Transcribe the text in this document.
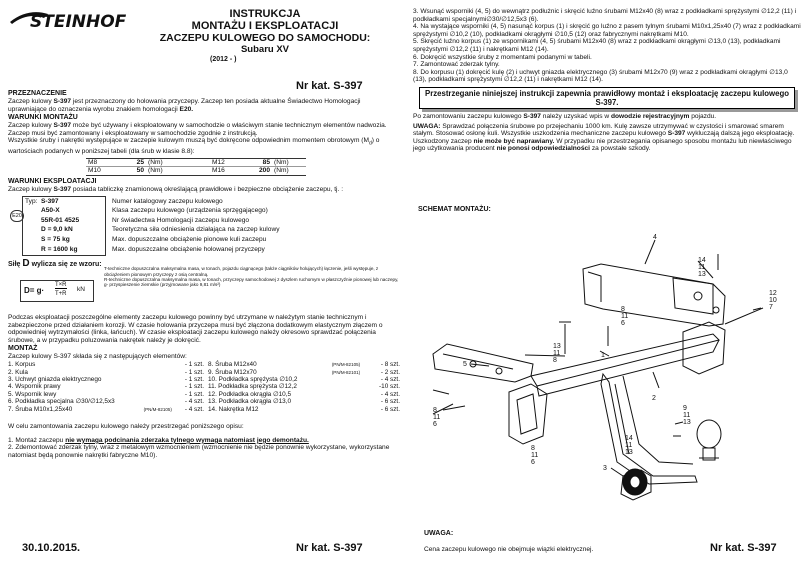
STEINHOF	INSTRUKCJA
MONTAŻU I EKSPLOATACJI
ZACZEPU KULOWEGO DO SAMOCHODU:
Subaru XV
(2012 - )
Nr kat. S-397
PRZEZNACZENIE

Zaczep kulowy S-397 jest przeznaczony do holowania przyczepy. Zaczep ten posiada aktualne Świadectwo Homologacji uprawniające do oznaczenia wyrobu znakiem homologacji E20.

WARUNKI MONTAŻU

Zaczep kulowy S-397 może być używany i eksploatowany w samochodzie o właściwym stanie technicznym elementów nadwozia. Zaczep musi być zamontowany i eksploatowany w samochodzie zgodnie z instrukcją.

Wszystkie śruby i nakrętki występujące w zaczepie kulowym muszą być dokręcone odpowiednim momentem obrotowym $(M_d)$ o wartościach podanych w poniższej tabeli (dla śrub w klasie 8.8):

M8	25	(Nm)	M12	85	(Nm)
M10	50	(Nm)	M16	200	(Nm)
WARUNKI EKSPLOATACJI

Zaczep kulowy S-397 posiada tabliczkę znamionową określającą prawidłowe i bezpieczne obciążenie zaczepu, tj. :

E20
Typ:	S-397	Numer katalogowy zaczepu kulowego
	A50-X	Klasa zaczepu kulowego (urządzenia sprzęgającego)
	55R-01 4525	Nr świadectwa Homologacji zaczepu kulowego
	D = 9,0 kN	Teoretyczna siła odniesienia działająca na zaczep kulowy
	S = 75 kg	Max. dopuszczalne obciążenie pionowe kuli zaczepu
	R = 1600 kg	Max. dopuszczalne obciążenie holowanej przyczepy
Siłę D wylicza się ze wzoru:
D= g·
T×R
T+R
kN
T-techniczne dopuszczalna maksymalna masa, w tonach, pojazdu ciągnącego (także ciągników holujących) łączenie, jeśli występuje, z obciążeniem pionowym przyczepy z osią centralną.
R-techniczne dopuszczalna maksymalna masa, w tonach, przyczepy samochodowej z dyszlem ruchomym w płaszczyźnie pionowej lub naczepy,
g- przyspieszenie ziemskie (przyjmowane jako 9,81 m/s²)

Podczas eksploatacji poszczególne elementy zaczepu kulowego powinny być utrzymane w należytym stanie technicznym i zabezpieczone przed działaniem korozji. W czasie holowania przyczepa musi być złączona dodatkowym elastycznym złączem o odpowiedniej wytrzymałości (linka, łańcuch). W czasie eksploatacji zaczepu kulowego należy okresowo sprawdzać połączenia śrubowe, a w przypadku poluzowania nakrętek należy je dokręcić.

MONTAŻ

Zaczep kulowy S-397 składa się z następujących elementów:

1. Korpus		- 1 szt.
2. Kula		- 1 szt.
3. Uchwyt gniazda elektrycznego		- 1 szt.
4. Wspornik prawy		- 1 szt.
5. Wspornik lewy		- 1 szt.
6. Podkładka specjalna ∅30/∅12,5x3		- 4 szt.
7. Śruba M10x1,25x40	(PN/M-82105)	- 4 szt.
8. Śruba M12x40	(PN/M-82105)	- 8 szt.
9. Śruba M12x70	(PN/M-82101)	- 2 szt.
10. Podkładka sprężysta ∅10,2		- 4 szt.
11. Podkładka sprężysta ∅12,2		-10 szt.
12. Podkładka okrągła ∅10,5		- 4 szt.
13. Podkładka okrągła ∅13,0		- 6 szt.
14. Nakrętka M12		- 6 szt.

W celu zamontowania zaczepu kulowego należy przestrzegać poniższego opisu:

1. Montaż zaczepu nie wymaga podcinania zderzaka tylnego wymaga natomiast jego demontażu.

2. Zdemontować zderzak tylny, wraz z metalowym wzmocnieniem (wzmocnienie nie będzie ponownie wykorzystane, wykorzystane natomiast będą ponownie nakrętki fabryczne M10).

30.10.2015.	Nr kat. S-397

3. Wsunąć wsporniki (4, 5) do wewnątrz podłużnic i skręcić luźno śrubami M12x40 (8) wraz z podkładkami sprężystymi ∅12,2 (11) i podkładkami specjalnymi∅30/∅12,5x3 (6).

4. Na wystające wsporniki (4, 5) nasunąć korpus (1) i skręcić go luźno z pasem tylnym śrubami M10x1,25x40 (7) wraz z podkładkami sprężystymi ∅10,2 (10), podkładkami okrągłymi ∅10,5 (12) oraz fabrycznymi nakrętkami M10.

5. Skręcić luźno korpus (1) ze wspornikami (4, 5) śrubami M12x40 (8) wraz z podkładkami okrągłymi ∅13,0 (13), podkładkami sprężystymi ∅12,2 (11) i nakrętkami M12 (14).

6. Dokręcić wszystkie śruby z momentami podanymi w tabeli.

7. Zamontować zderzak tylny.

8. Do korpusu (1) dokręcić kulę (2) i uchwyt gniazda elektrycznego (3) śrubami M12x70 (9) wraz z podkładkami okrągłymi ∅13,0 (13), podkładkami sprężystymi ∅12,2 (11) i nakrętkami M12 (14).

Przestrzeganie niniejszej instrukcji zapewnia prawidłowy montaż i eksploatację zaczepu kulowego S-397.

Po zamontowaniu zaczepu kulowego S-397 należy uzyskać wpis w dowodzie rejestracyjnym pojazdu.

UWAGA: Sprawdzać połączenia śrubowe po przejechaniu 1000 km. Kulę zawsze utrzymywać w czystości i smarować smarem stałym. Stosować osłonę kuli. Wszystkie uszkodzenia mechaniczne zaczepu kulowego S-397 wykluczają dalszą jego eksploatację. Uszkodzony zaczep nie może być naprawiany. W przypadku nie przestrzegania opisanego sposobu montażu lub niewłaściwego jego użytkowania producent nie ponosi odpowiedzialności za powstałe szkody.

SCHEMAT MONTAŻU:
4
1
5
3
2
14
11
13
12
10
7
8
11
6
13
11
8
8
11
6
9
11
13
8
11
6
14
11
13
UWAGA:
Cena zaczepu kulowego nie obejmuje wiązki elektrycznej.	Nr kat. S-397
